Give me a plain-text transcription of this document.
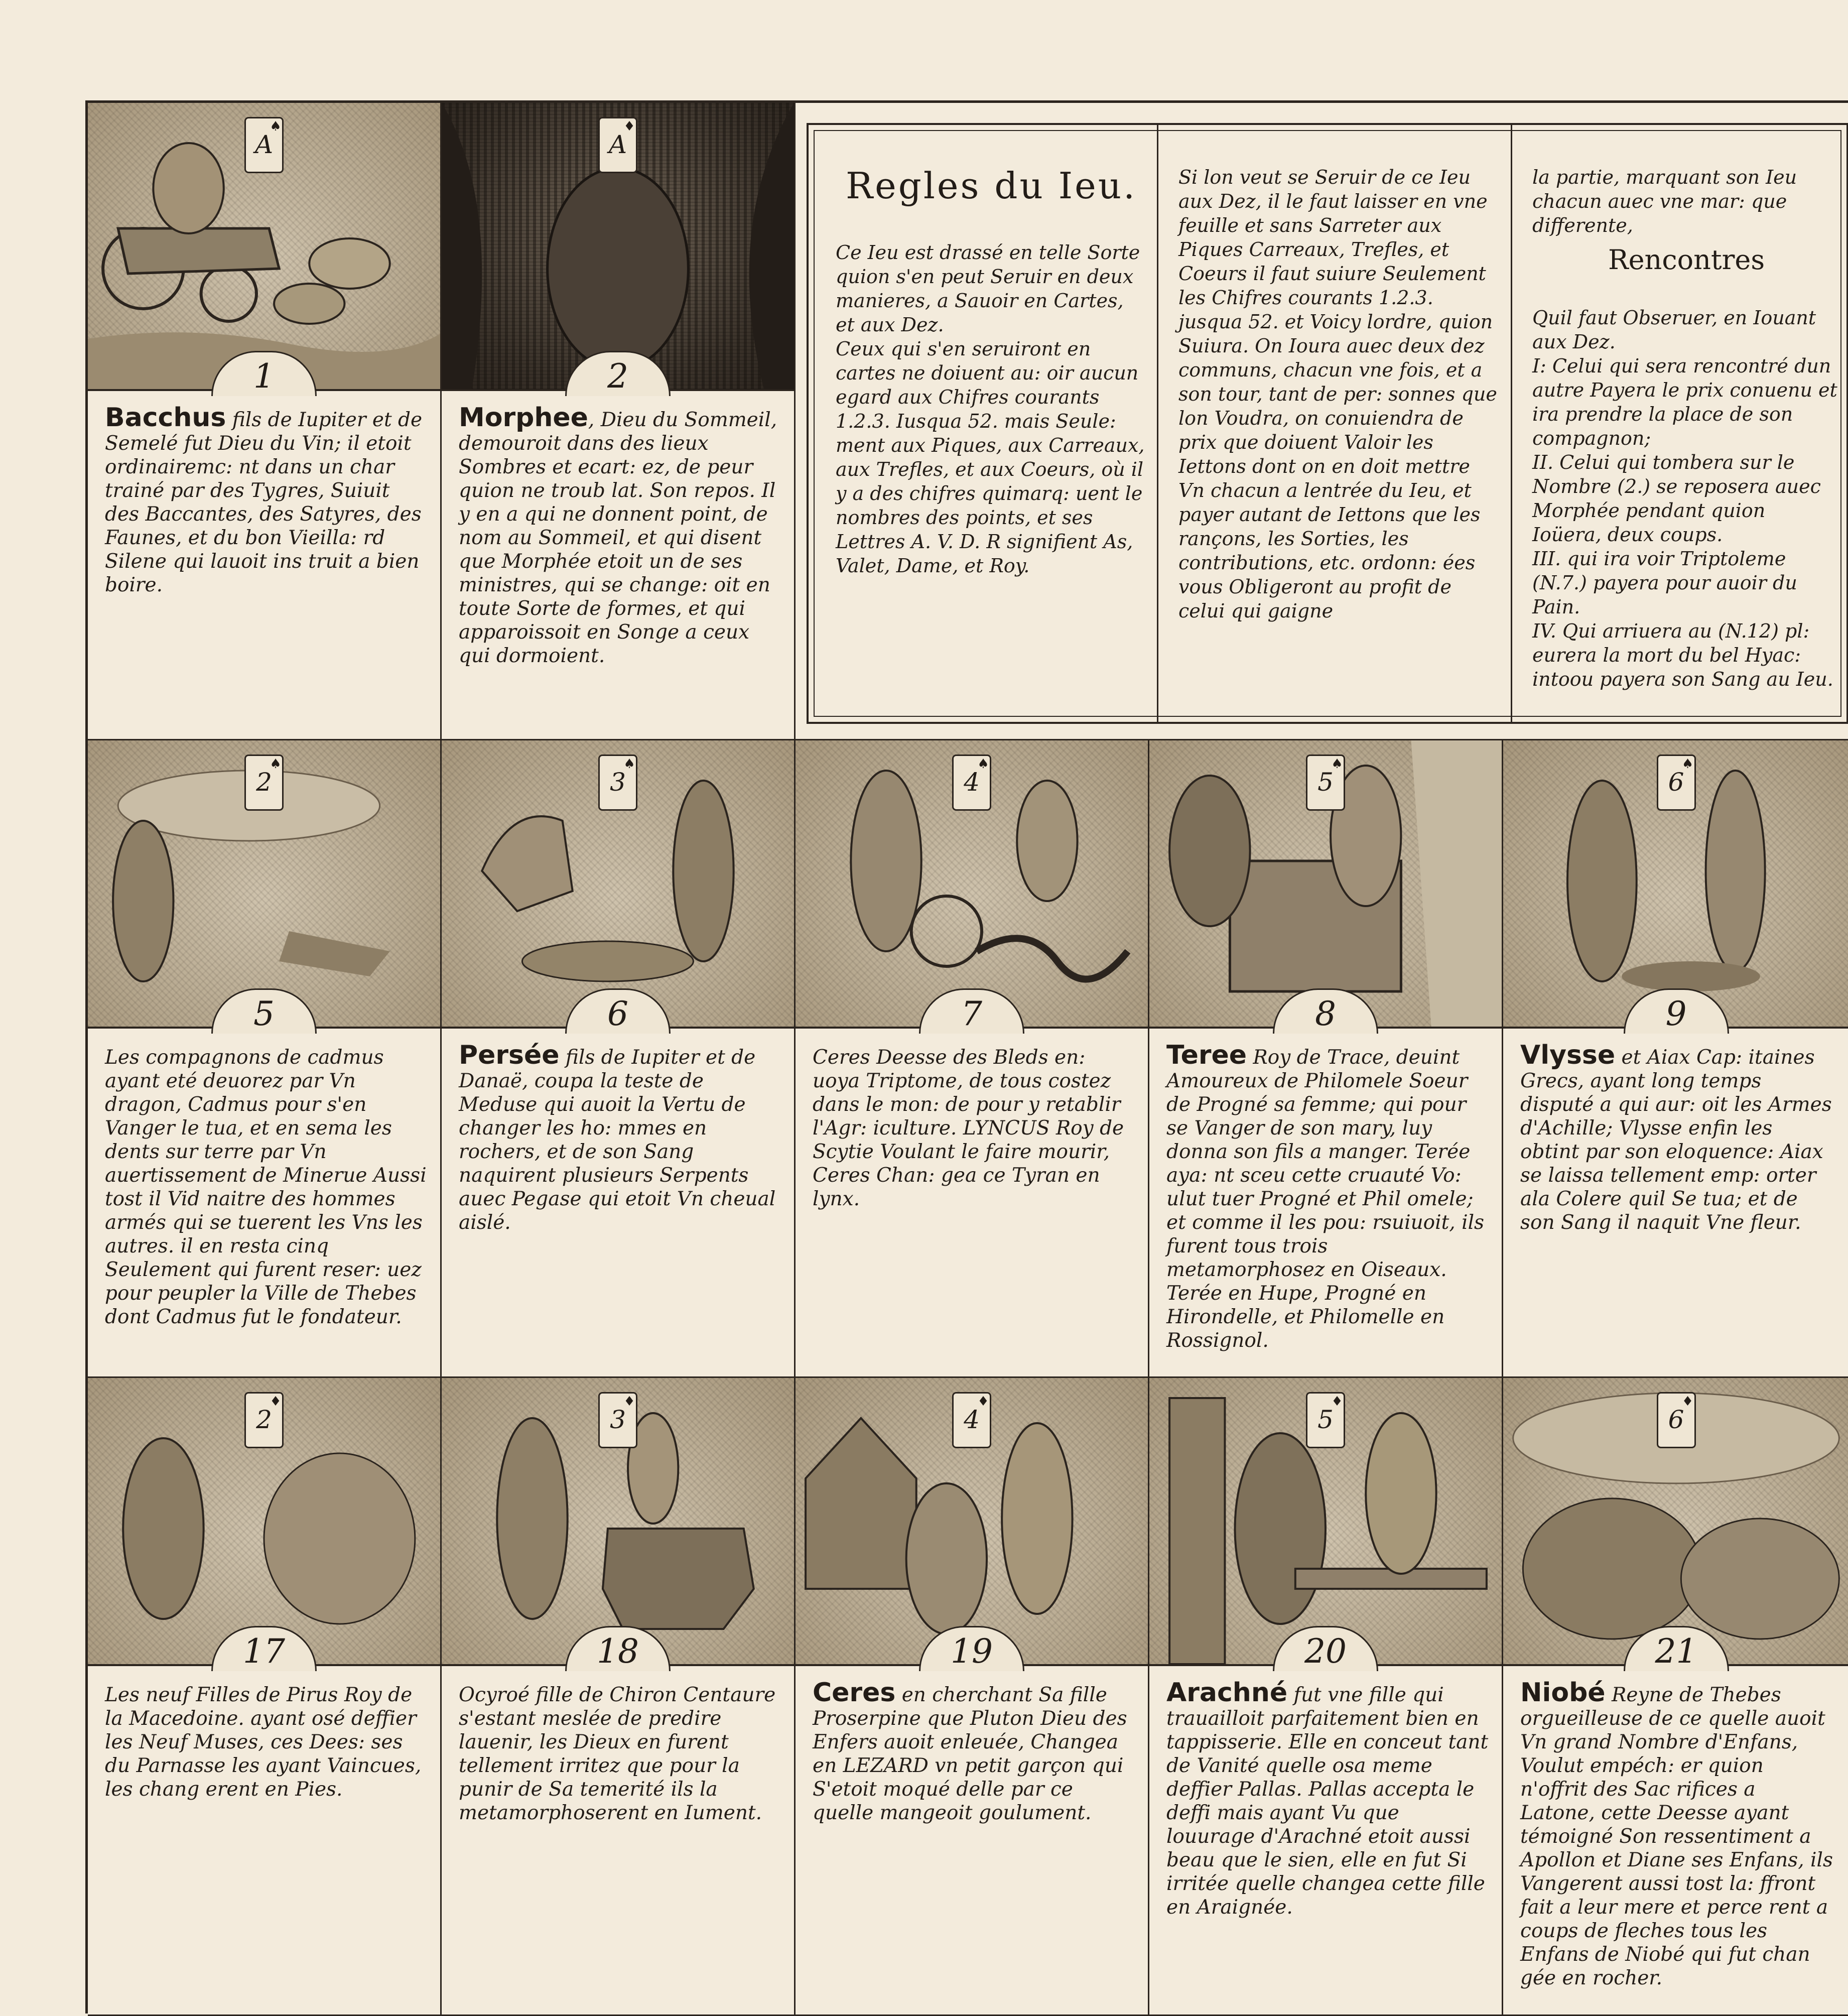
A
♠
1
Bacchus fils de Iupiter et de Semelé fut Dieu du Vin; il etoit ordinairemc: nt dans un char trainé par des Tygres, Suiuit des Baccantes, des Satyres, des Faunes, et du bon Vieilla: rd Silene qui lauoit ins truit a bien boire.
A
♦
2
Morphee, Dieu du Sommeil, demouroit dans des lieux Sombres et ecart: ez, de peur quion ne troub lat. Son repos. Il y en a qui ne donnent point, de nom au Sommeil, et qui disent que Morphée etoit un de ses ministres, qui se change: oit en toute Sorte de formes, et qui apparoissoit en Songe a ceux qui dormoient.

Regles du Ieu.

Ce Ieu est drassé en telle Sorte quion s'en peut Seruir en deux manieres, a Sauoir en Cartes, et aux Dez.
Ceux qui s'en seruiront en cartes ne doiuent au: oir aucun egard aux Chifres courants 1.2.3. Iusqua 52. mais Seule: ment aux Piques, aux Carreaux, aux Trefles, et aux Coeurs, où il y a des chifres quimarq: uent le nombres des points, et ses Lettres A. V. D. R signifient As, Valet, Dame, et Roy.

Si lon veut se Seruir de ce Ieu aux Dez, il le faut laisser en vne feuille et sans Sarreter aux Piques Carreaux, Trefles, et Coeurs il faut suiure Seulement les Chifres courants 1.2.3. jusqua 52. et Voicy lordre, quion Suiura. On Ioura auec deux dez communs, chacun vne fois, et a son tour, tant de per: sonnes que lon Voudra, on conuiendra de prix que doiuent Valoir les Iettons dont on en doit mettre Vn chacun a lentrée du Ieu, et payer autant de Iettons que les rançons, les Sorties, les contributions, etc. ordonn: ées vous Obligeront au profit de celui qui gaigne

la partie, marquant son Ieu chacun auec vne mar: que differente,

Rencontres

Quil faut Obseruer, en Iouant aux Dez.
I: Celui qui sera rencontré dun autre Payera le prix conuenu et ira prendre la place de son compagnon;
II. Celui qui tombera sur le Nombre (2.) se reposera auec Morphée pendant quion Ioüera, deux coups.
III. qui ira voir Triptoleme (N.7.) payera pour auoir du Pain.
IV. Qui arriuera au (N.12) pl: eurera la mort du bel Hyac: intoou payera son Sang au Ieu.

2
♠
5
Les compagnons de cadmus ayant eté deuorez par Vn dragon, Cadmus pour s'en Vanger le tua, et en sema les dents sur terre par Vn auertissement de Minerue Aussi tost il Vid naitre des hommes armés qui se tuerent les Vns les autres. il en resta cinq Seulement qui furent reser: uez pour peupler la Ville de Thebes dont Cadmus fut le fondateur.
3
♠
6
Persée fils de Iupiter et de Danaë, coupa la teste de Meduse qui auoit la Vertu de changer les ho: mmes en rochers, et de son Sang naquirent plusieurs Serpents auec Pegase qui etoit Vn cheual aislé.
4
♠
7
Ceres Deesse des Bleds en: uoya Triptome, de tous costez dans le mon: de pour y retablir l'Agr: iculture. LYNCUS Roy de Scytie Voulant le faire mourir, Ceres Chan: gea ce Tyran en lynx.
5
♠
8
Teree Roy de Trace, deuint Amoureux de Philomele Soeur de Progné sa femme; qui pour se Vanger de son mary, luy donna son fils a manger. Terée aya: nt sceu cette cruauté Vo: ulut tuer Progné et Phil omele; et comme il les pou: rsuiuoit, ils furent tous trois metamorphosez en Oiseaux. Terée en Hupe, Progné en Hirondelle, et Philomelle en Rossignol.
6
♠
9
Vlysse et Aiax Cap: itaines Grecs, ayant long temps disputé a qui aur: oit les Armes d'Achille; Vlysse enfin les obtint par son eloquence: Aiax se laissa tellement emp: orter ala Colere quil Se tua; et de son Sang il naquit Vne fleur.
2
♦
17
Les neuf Filles de Pirus Roy de la Macedoine. ayant osé deffier les Neuf Muses, ces Dees: ses du Parnasse les ayant Vaincues, les chang erent en Pies.
3
♦
18
Ocyroé fille de Chiron Centaure s'estant meslée de predire lauenir, les Dieux en furent tellement irritez que pour la punir de Sa temerité ils la metamorphoserent en Iument.
4
♦
19
Ceres en cherchant Sa fille Proserpine que Pluton Dieu des Enfers auoit enleuée, Changea en LEZARD vn petit garçon qui S'etoit moqué delle par ce quelle mangeoit goulument.
5
♦
20
Arachné fut vne fille qui trauailloit parfaitement bien en tappisserie. Elle en conceut tant de Vanité quelle osa meme deffier Pallas. Pallas accepta le deffi mais ayant Vu que louurage d'Arachné etoit aussi beau que le sien, elle en fut Si irritée quelle changea cette fille en Araignée.
6
♦
21
Niobé Reyne de Thebes orgueilleuse de ce quelle auoit Vn grand Nombre d'Enfans, Voulut empéch: er quion n'offrit des Sac rifices a Latone, cette Deesse ayant témoigné Son ressentiment a Apollon et Diane ses Enfans, ils Vangerent aussi tost la: ffront fait a leur mere et perce rent a coups de fleches tous les Enfans de Niobé qui fut chan gée en rocher.
